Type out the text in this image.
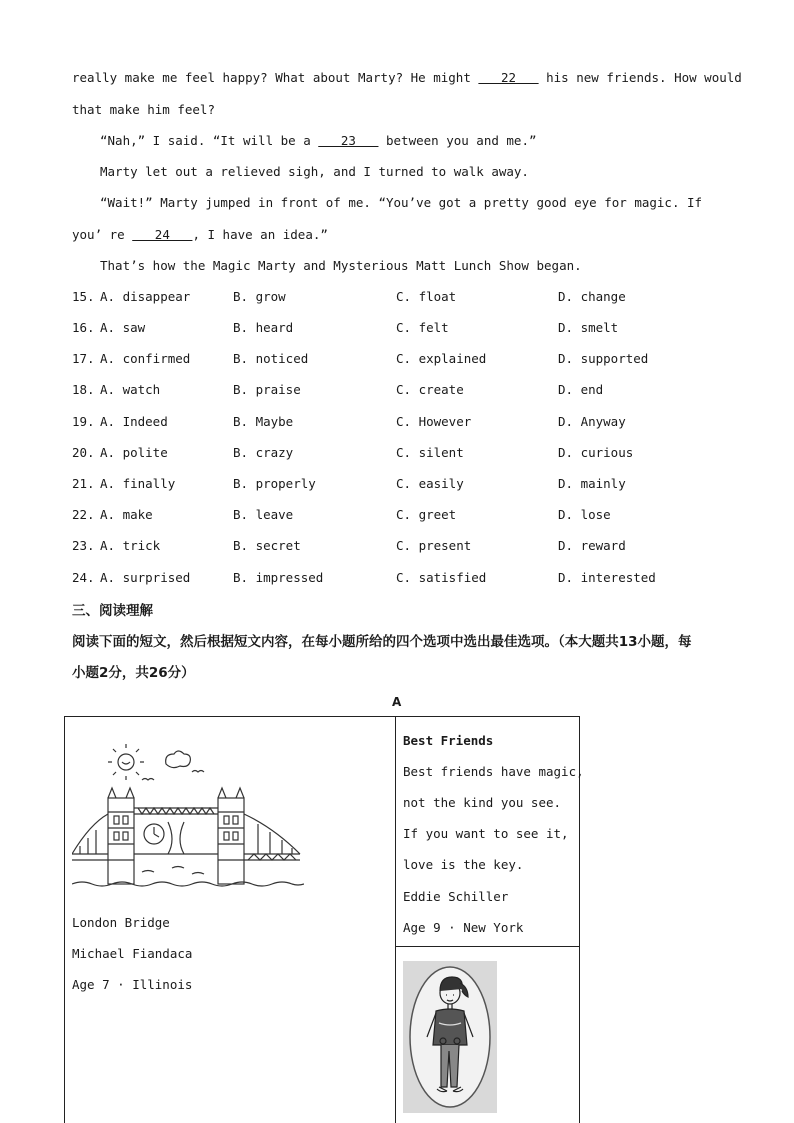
really make me feel happy? What about Marty? He might    22    his new friends. How would
that make him feel?
“Nah,” I said. “It will be a    23    between you and me.”
Marty let out a relieved sigh, and I turned to walk away.
“Wait!” Marty jumped in front of me. “You’ve got a pretty good eye for magic. If
you’ re    24   , I have an idea.”
That’s how the Magic Marty and Mysterious Matt Lunch Show began.
15. A. disappear	B. grow	C. float	D. change
16. A. saw	B. heard	C. felt	D. smelt
17. A. confirmed	B. noticed	C. explained	D. supported
18. A. watch	B. praise	C. create	D. end
19. A. Indeed	B. Maybe	C. However	D. Anyway
20. A. polite	B. crazy	C. silent	D. curious
21. A. finally	B. properly	C. easily	D. mainly
22. A. make	B. leave	C. greet	D. lose
23. A. trick	B. secret	C. present	D. reward
24. A. surprised	B. impressed	C. satisfied	D. interested
三、阅读理解
阅读下面的短文，然后根据短文内容，在每小题所给的四个选项中选出最佳选项。（本大题共13小题，每
小题2分，共26分）
A
London Bridge
Michael Fiandaca
Age 7 · Illinois
Best Friends
Best friends have magic,
not the kind you see.
If you want to see it,
love is the key.
Eddie Schiller
Age 9 · New York
